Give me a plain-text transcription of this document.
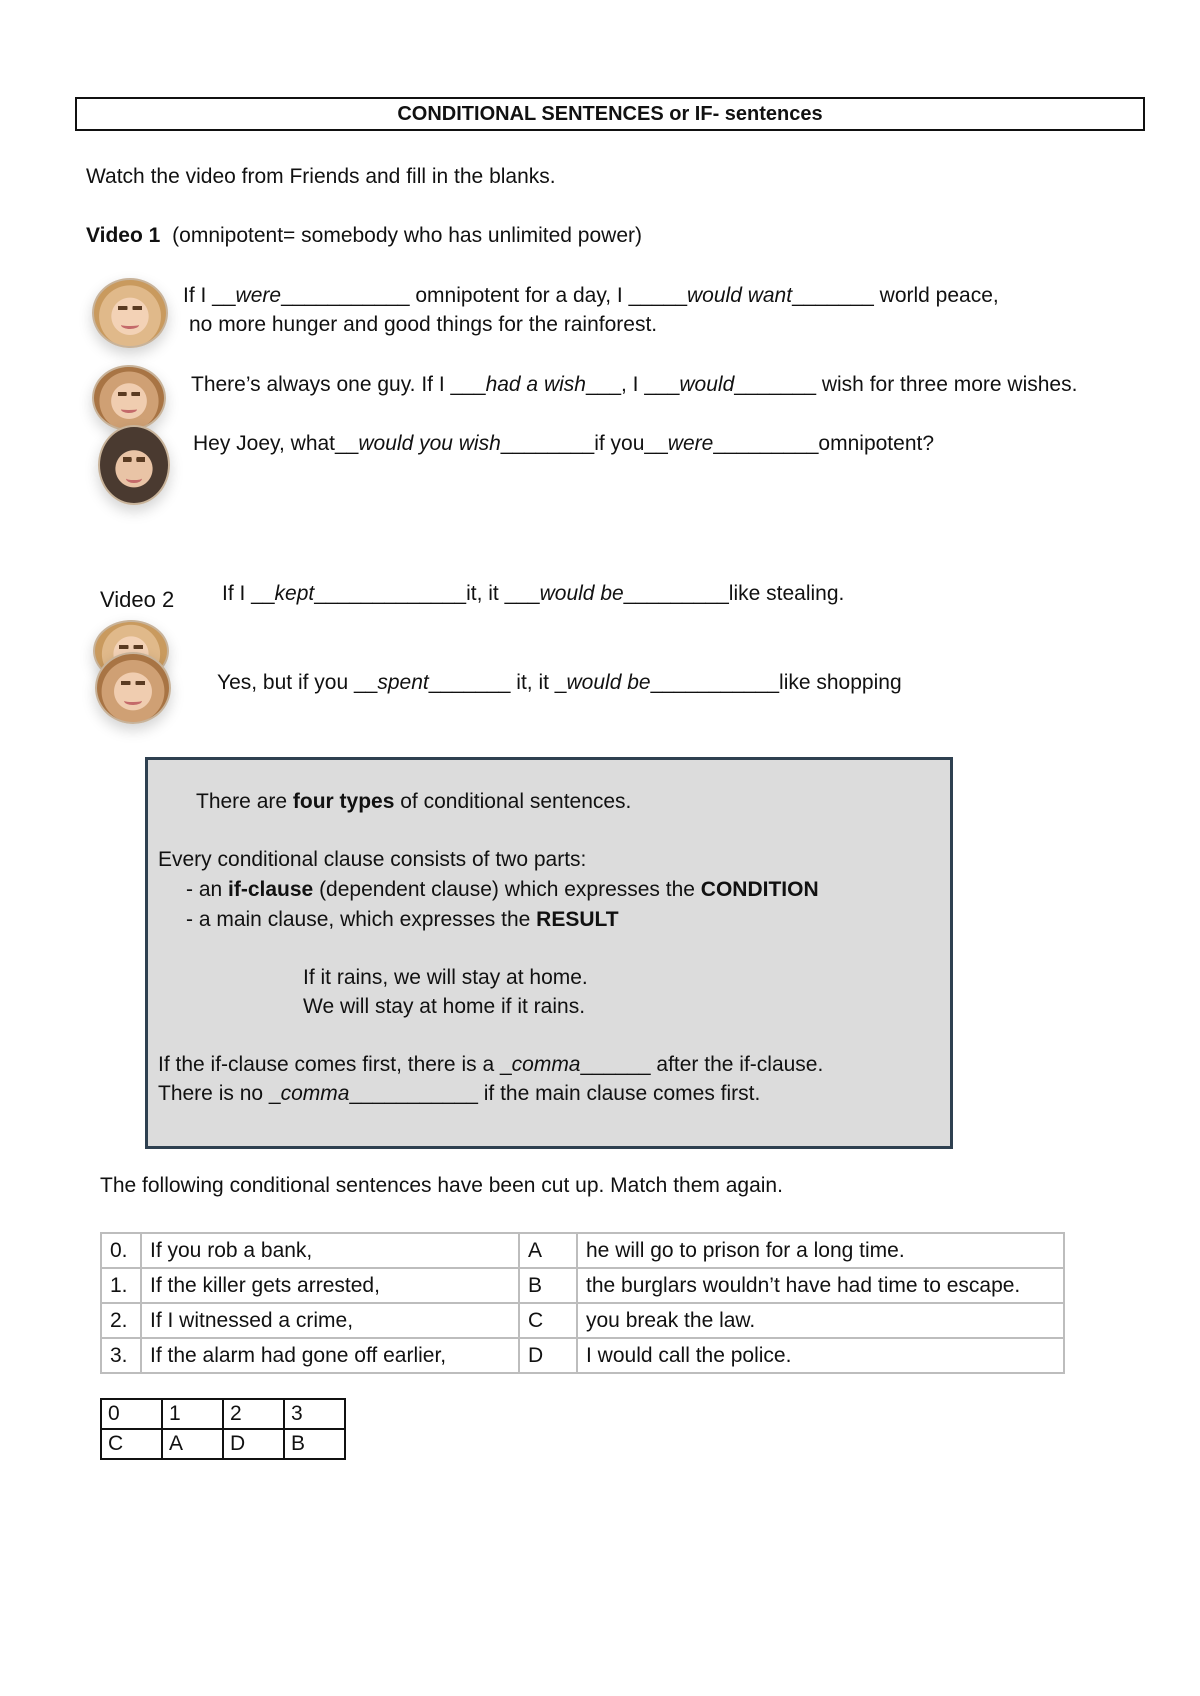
CONDITIONAL SENTENCES or IF- sentences
Watch the video from Friends and fill in the blanks.
Video 1 (omnipotent= somebody who has unlimited power)
If I __were___________ omnipotent for a day, I _____would want_______ world peace,
no more hunger and good things for the rainforest.
There’s always one guy. If I ___had a wish___, I ___would_______ wish for three more wishes.
Hey Joey, what__would you wish________if you__were_________omnipotent?
Video 2 If I __kept_____________it, it ___would be_________like stealing.
Yes, but if you __spent_______ it, it _would be___________like shopping
There are four types of conditional sentences.
Every conditional clause consists of two parts:
- an if-clause (dependent clause) which expresses the CONDITION
- a main clause, which expresses the RESULT
If it rains, we will stay at home.
We will stay at home if it rains.
If the if-clause comes first, there is a _comma______ after the if-clause.
There is no _comma___________ if the main clause comes first.
The following conditional sentences have been cut up. Match them again.
0.	If you rob a bank,	A	he will go to prison for a long time.
1.	If the killer gets arrested,	B	the burglars wouldn’t have had time to escape.
2.	If I witnessed a crime,	C	you break the law.
3.	If the alarm had gone off earlier,	D	I would call the police.
0	1	2	3
C	A	D	B
